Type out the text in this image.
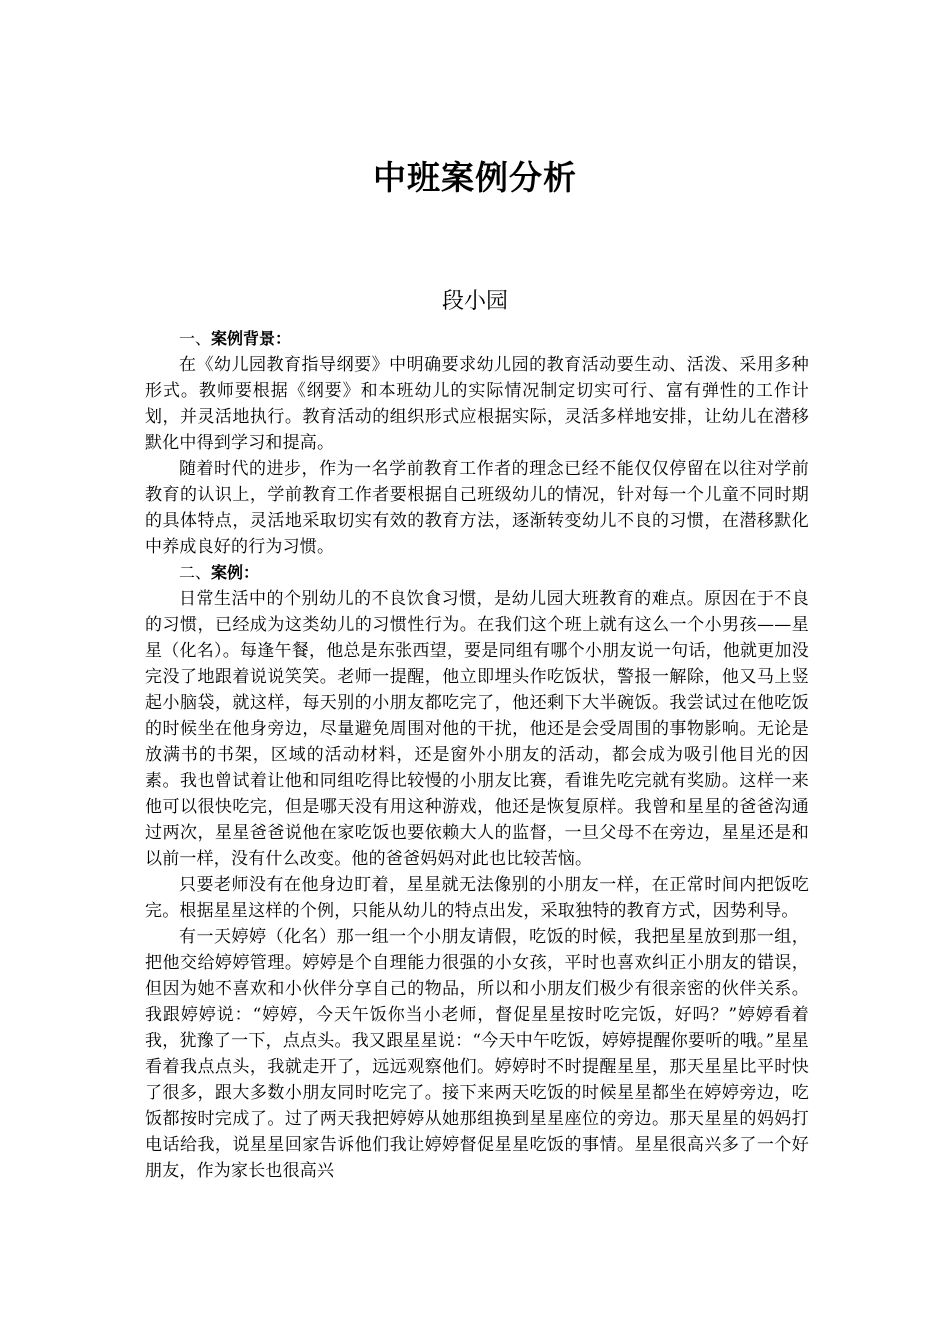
中班案例分析
段小园

一、案例背景：

在《幼儿园教育指导纲要》中明确要求幼儿园的教育活动要生动、活泼、采用多种形式。教师要根据《纲要》和本班幼儿的实际情况制定切实可行、富有弹性的工作计划，并灵活地执行。教育活动的组织形式应根据实际，灵活多样地安排，让幼儿在潜移默化中得到学习和提高。

随着时代的进步，作为一名学前教育工作者的理念已经不能仅仅停留在以往对学前教育的认识上，学前教育工作者要根据自己班级幼儿的情况，针对每一个儿童不同时期的具体特点，灵活地采取切实有效的教育方法，逐渐转变幼儿不良的习惯，在潜移默化中养成良好的行为习惯。

二、案例：

日常生活中的个别幼儿的不良饮食习惯，是幼儿园大班教育的难点。原因在于不良的习惯，已经成为这类幼儿的习惯性行为。在我们这个班上就有这么一个小男孩——星星（化名）。每逢午餐，他总是东张西望，要是同组有哪个小朋友说一句话，他就更加没完没了地跟着说说笑笑。老师一提醒，他立即埋头作吃饭状，警报一解除，他又马上竖起小脑袋，就这样，每天别的小朋友都吃完了，他还剩下大半碗饭。我尝试过在他吃饭的时候坐在他身旁边，尽量避免周围对他的干扰，他还是会受周围的事物影响。无论是放满书的书架，区域的活动材料，还是窗外小朋友的活动，都会成为吸引他目光的因素。我也曾试着让他和同组吃得比较慢的小朋友比赛，看谁先吃完就有奖励。这样一来他可以很快吃完，但是哪天没有用这种游戏，他还是恢复原样。我曾和星星的爸爸沟通过两次，星星爸爸说他在家吃饭也要依赖大人的监督，一旦父母不在旁边，星星还是和以前一样，没有什么改变。他的爸爸妈妈对此也比较苦恼。

只要老师没有在他身边盯着，星星就无法像别的小朋友一样，在正常时间内把饭吃完。根据星星这样的个例，只能从幼儿的特点出发，采取独特的教育方式，因势利导。

有一天婷婷（化名）那一组一个小朋友请假，吃饭的时候，我把星星放到那一组，把他交给婷婷管理。婷婷是个自理能力很强的小女孩，平时也喜欢纠正小朋友的错误，但因为她不喜欢和小伙伴分享自己的物品，所以和小朋友们极少有很亲密的伙伴关系。我跟婷婷说：“婷婷，今天午饭你当小老师，督促星星按时吃完饭，好吗？”婷婷看着我，犹豫了一下，点点头。我又跟星星说：“今天中午吃饭，婷婷提醒你要听的哦。”星星看着我点点头，我就走开了，远远观察他们。婷婷时不时提醒星星，那天星星比平时快了很多，跟大多数小朋友同时吃完了。接下来两天吃饭的时候星星都坐在婷婷旁边，吃饭都按时完成了。过了两天我把婷婷从她那组换到星星座位的旁边。那天星星的妈妈打电话给我，说星星回家告诉他们我让婷婷督促星星吃饭的事情。星星很高兴多了一个好朋友，作为家长也很高兴
